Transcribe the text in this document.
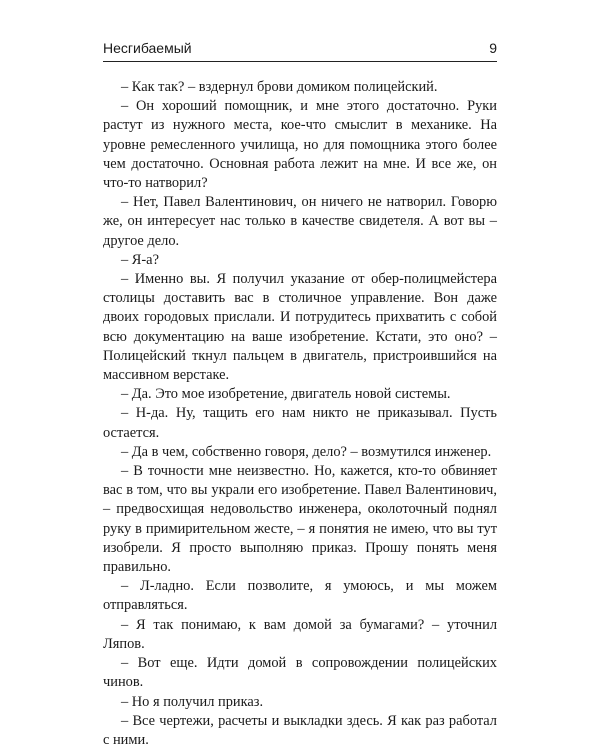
Несгибаемый	9

– Как так? – вздернул брови домиком полицейский.

– Он хороший помощник, и мне этого достаточно. Руки растут из нужного места, кое-что смыслит в механике. На уровне ремесленного училища, но для помощника этого более чем достаточно. Основная работа лежит на мне. И все же, он что-то натворил?

– Нет, Павел Валентинович, он ничего не натворил. Говорю же, он интересует нас только в качестве свидетеля. А вот вы – другое дело.

– Я-а?

– Именно вы. Я получил указание от обер-полицмейстера столицы доставить вас в столичное управление. Вон даже двоих городовых прислали. И потрудитесь прихватить с собой всю документацию на ваше изобретение. Кстати, это оно? – Полицейский ткнул пальцем в двигатель, пристроившийся на массивном верстаке.

– Да. Это мое изобретение, двигатель новой системы.

– Н-да. Ну, тащить его нам никто не приказывал. Пусть остается.

– Да в чем, собственно говоря, дело? – возмутился инженер.

– В точности мне неизвестно. Но, кажется, кто-то обвиняет вас в том, что вы украли его изобретение. Павел Валентинович, – предвосхищая недовольство инженера, околоточный поднял руку в примирительном жесте, – я понятия не имею, что вы тут изобрели. Я просто выполняю приказ. Прошу понять меня правильно.

– Л-ладно. Если позволите, я умоюсь, и мы можем отправляться.

– Я так понимаю, к вам домой за бумагами? – уточнил Ляпов.

– Вот еще. Идти домой в сопровождении полицейских чинов.

– Но я получил приказ.

– Все чертежи, расчеты и выкладки здесь. Я как раз работал с ними.
